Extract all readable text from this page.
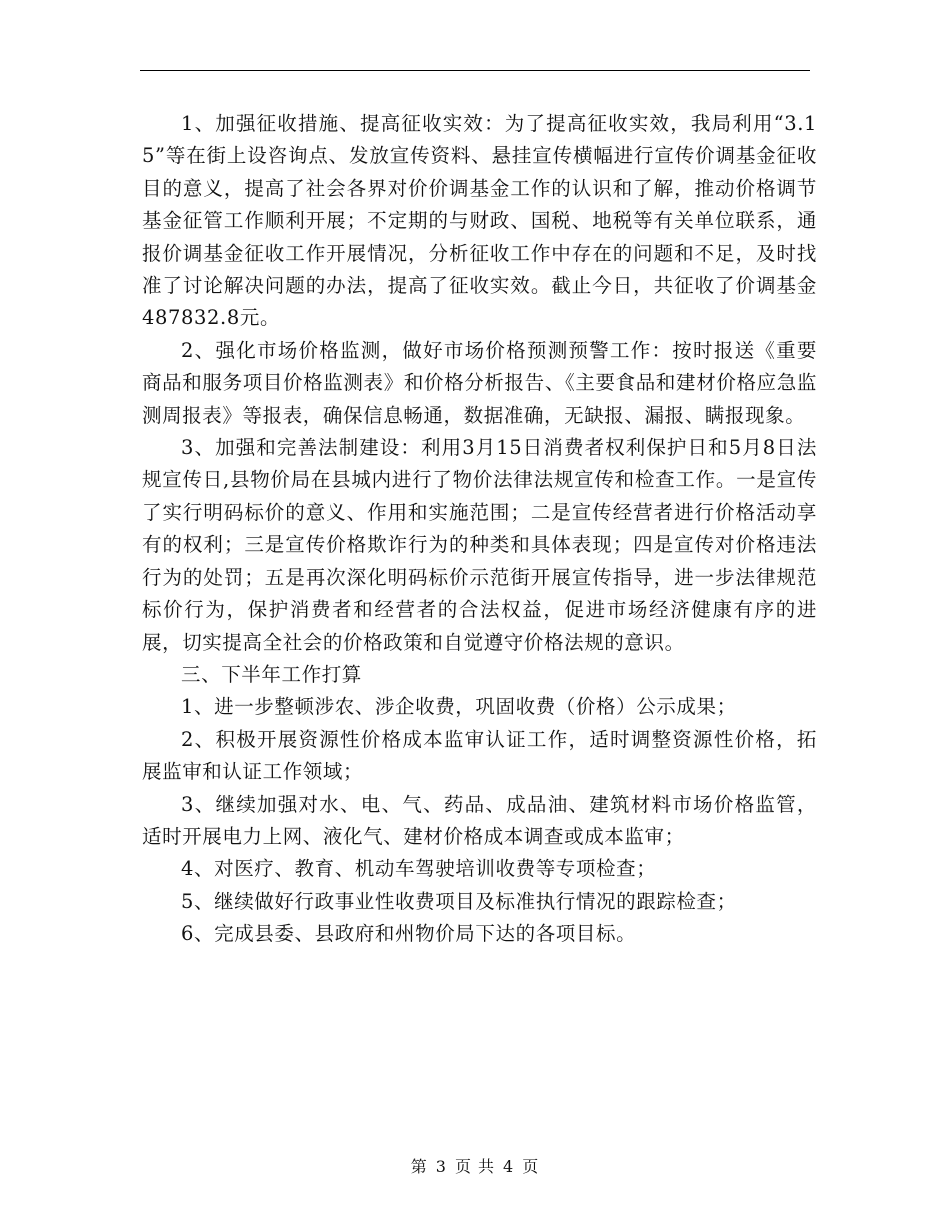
1、加强征收措施、提高征收实效：为了提高征收实效，我局利用“3.15”等在街上设咨询点、发放宣传资料、悬挂宣传横幅进行宣传价调基金征收目的意义，提高了社会各界对价价调基金工作的认识和了解，推动价格调节基金征管工作顺利开展；不定期的与财政、国税、地税等有关单位联系，通报价调基金征收工作开展情况，分析征收工作中存在的问题和不足，及时找准了讨论解决问题的办法，提高了征收实效。截止今日，共征收了价调基金487832.8元。

2、强化市场价格监测，做好市场价格预测预警工作：按时报送《重要商品和服务项目价格监测表》和价格分析报告、《主要食品和建材价格应急监测周报表》等报表，确保信息畅通，数据准确，无缺报、漏报、瞒报现象。

3、加强和完善法制建设：利用3月15日消费者权利保护日和5月8日法规宣传日,县物价局在县城内进行了物价法律法规宣传和检查工作。一是宣传了实行明码标价的意义、作用和实施范围；二是宣传经营者进行价格活动享有的权利；三是宣传价格欺诈行为的种类和具体表现；四是宣传对价格违法行为的处罚；五是再次深化明码标价示范街开展宣传指导，进一步法律规范标价行为，保护消费者和经营者的合法权益，促进市场经济健康有序的进展，切实提高全社会的价格政策和自觉遵守价格法规的意识。

三、下半年工作打算

1、进一步整顿涉农、涉企收费，巩固收费（价格）公示成果；

2、积极开展资源性价格成本监审认证工作，适时调整资源性价格，拓展监审和认证工作领域；

3、继续加强对水、电、气、药品、成品油、建筑材料市场价格监管，适时开展电力上网、液化气、建材价格成本调查或成本监审；

4、对医疗、教育、机动车驾驶培训收费等专项检查；

5、继续做好行政事业性收费项目及标准执行情况的跟踪检查；

6、完成县委、县政府和州物价局下达的各项目标。

第 3 页 共 4 页
